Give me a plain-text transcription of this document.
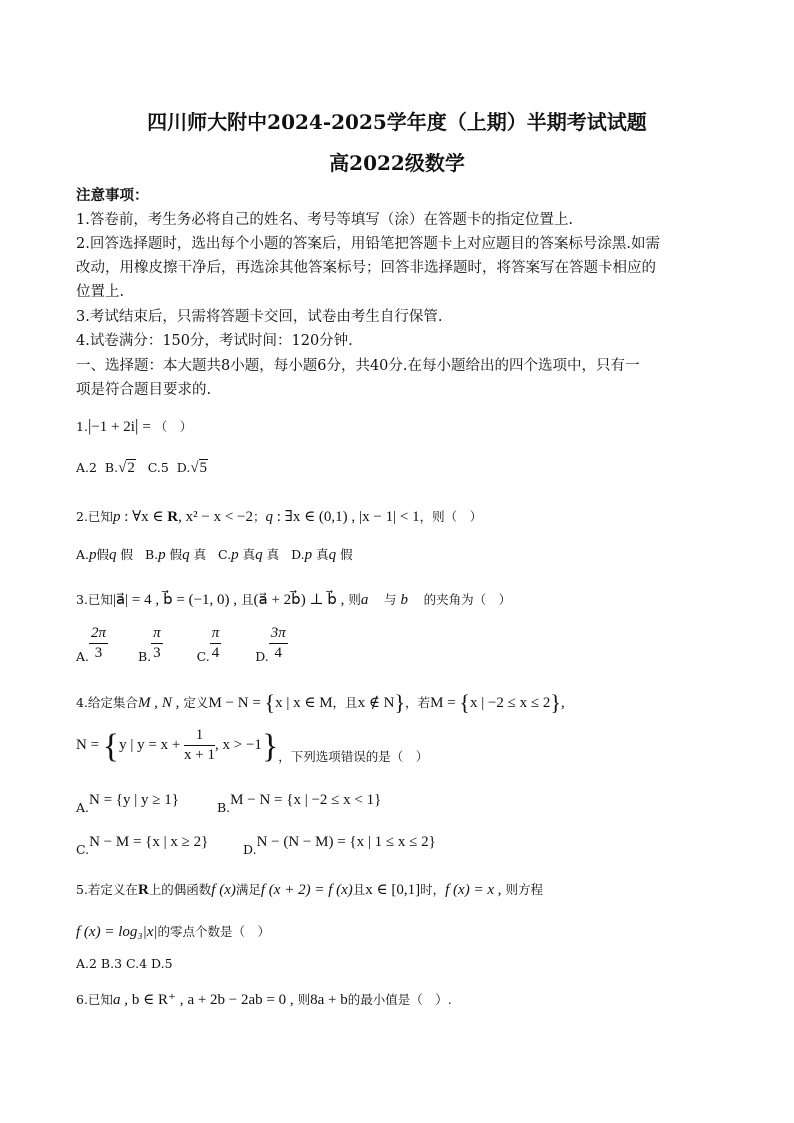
四川师大附中2024-2025学年度（上期）半期考试试题
高2022级数学
注意事项：
1.答卷前，考生务必将自己的姓名、考号等填写（涂）在答题卡的指定位置上.
2.回答选择题时，选出每个小题的答案后，用铅笔把答题卡上对应题目的答案标号涂黑.如需
改动，用橡皮擦干净后，再选涂其他答案标号；回答非选择题时，将答案写在答题卡相应的
位置上.
3.考试结束后，只需将答题卡交回，试卷由考生自行保管.
4.试卷满分：150分，考试时间：120分钟.
一、选择题：本大题共8小题，每小题6分，共40分.在每小题给出的四个选项中，只有一
项是符合题目要求的.
1.|−1 + 2i| = （　）
A.2 B.√2 C.5 D.√5
2.已知p : ∀x ∈ R, x² − x < −2；q : ∃x ∈ (0,1) , |x − 1| < 1，则（　）
A.p假q 假 B.p 假q 真 C.p 真q 真 D.p 真q 假
3.已知|a⃗| = 4 , b⃗ = (−1, 0) , 且(a⃗ + 2b⃗) ⊥ b⃗ , 则a⃗ 与 b⃗ 的夹角为（　）
A. $\frac{2\pi}{3} B$. $\frac{\pi}{3}$	C. $\frac{\pi}{4}$	D. $\frac{3\pi}{4}$
4.给定集合M , N , 定义M − N = {x | x ∈ M，且x ∉ N}，若M = {x | −2 ≤ x ≤ 2},
N = {y | $y = x + \frac{1}{x + 1}$ , x > −1}，下列选项错误的是（　）
A.N = {y | y ≥ 1}	B.M − N = {x | −2 ≤ x < 1}
C.N − M = {x | x ≥ 2}	D.N − (N − M) = {x | 1 ≤ x ≤ 2}
5.若定义在R上的偶函数f (x)满足f (x + 2) = f (x)且x ∈ [0,1]时，f (x) = x , 则方程
f (x) = log₃|x|的零点个数是（　）
A.2 B.3 C.4 D.5
6.已知a , b ∈ R⁺ , a + 2b − 2ab = 0 , 则8a + b的最小值是（　）.
